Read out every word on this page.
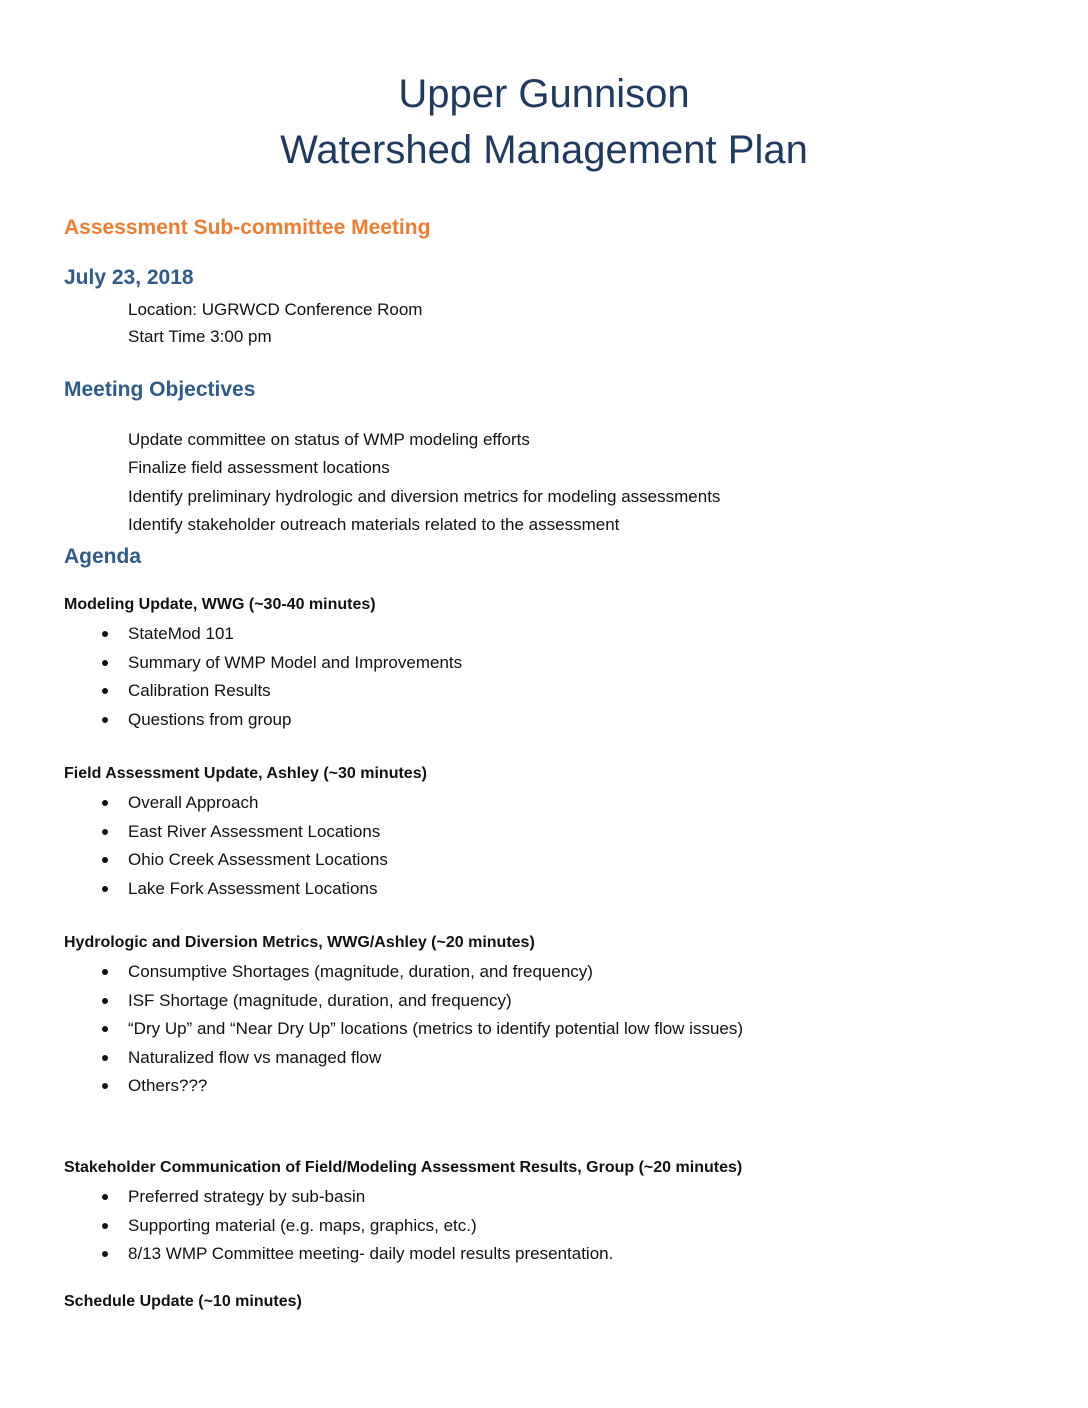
Upper Gunnison
Watershed Management Plan
Assessment Sub-committee Meeting
July 23, 2018

Location: UGRWCD Conference Room

Start Time 3:00 pm

Meeting Objectives

Update committee on status of WMP modeling efforts

Finalize field assessment locations

Identify preliminary hydrologic and diversion metrics for modeling assessments

Identify stakeholder outreach materials related to the assessment

Agenda

Modeling Update, WWG (~30-40 minutes)

StateMod 101
Summary of WMP Model and Improvements
Calibration Results
Questions from group

Field Assessment Update, Ashley (~30 minutes)

Overall Approach
East River Assessment Locations
Ohio Creek Assessment Locations
Lake Fork Assessment Locations

Hydrologic and Diversion Metrics, WWG/Ashley (~20 minutes)

Consumptive Shortages (magnitude, duration, and frequency)
ISF Shortage (magnitude, duration, and frequency)
“Dry Up” and “Near Dry Up” locations (metrics to identify potential low flow issues)
Naturalized flow vs managed flow
Others???

Stakeholder Communication of Field/Modeling Assessment Results, Group (~20 minutes)

Preferred strategy by sub-basin
Supporting material (e.g. maps, graphics, etc.)
8/13 WMP Committee meeting- daily model results presentation.

Schedule Update (~10 minutes)
